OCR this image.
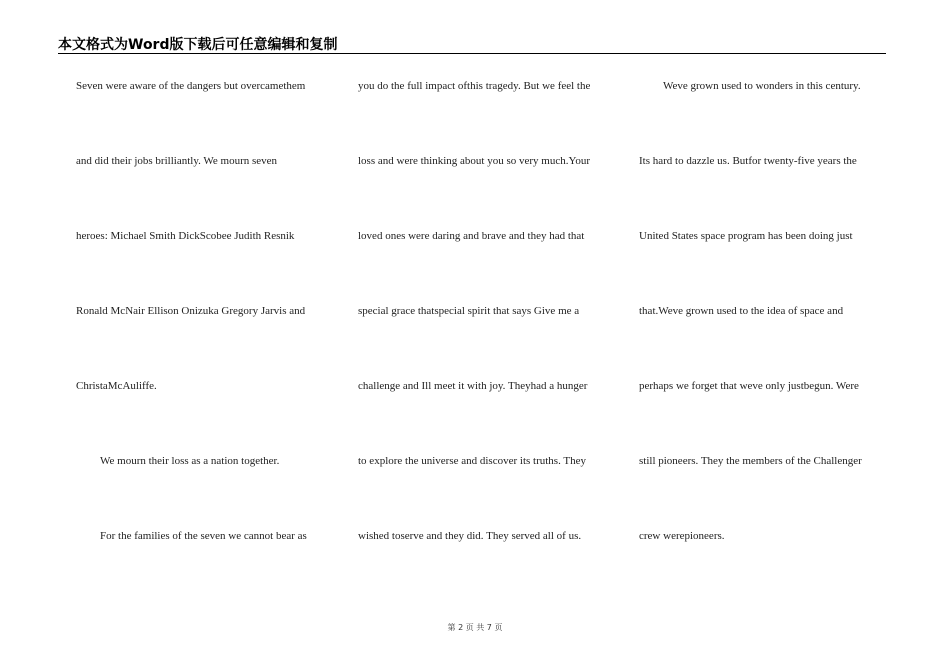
本文格式为Word版下载后可任意编辑和复制
Seven were aware of the dangers but overcamethem
and did their jobs brilliantly. We mourn seven
heroes: Michael Smith DickScobee Judith Resnik
Ronald McNair Ellison Onizuka Gregory Jarvis and
ChristaMcAuliffe.
We mourn their loss as a nation together.
For the families of the seven we cannot bear as
you do the full impact ofthis tragedy. But we feel the
loss and were thinking about you so very much.Your
loved ones were daring and brave and they had that
special grace thatspecial spirit that says Give me a
challenge and Ill meet it with joy. Theyhad a hunger
to explore the universe and discover its truths. They
wished toserve and they did. They served all of us.
Weve grown used to wonders in this century.
Its hard to dazzle us. Butfor twenty-five years the
United States space program has been doing just
that.Weve grown used to the idea of space and
perhaps we forget that weve only justbegun. Were
still pioneers. They the members of the Challenger
crew werepioneers.
第 2 页 共 7 页
